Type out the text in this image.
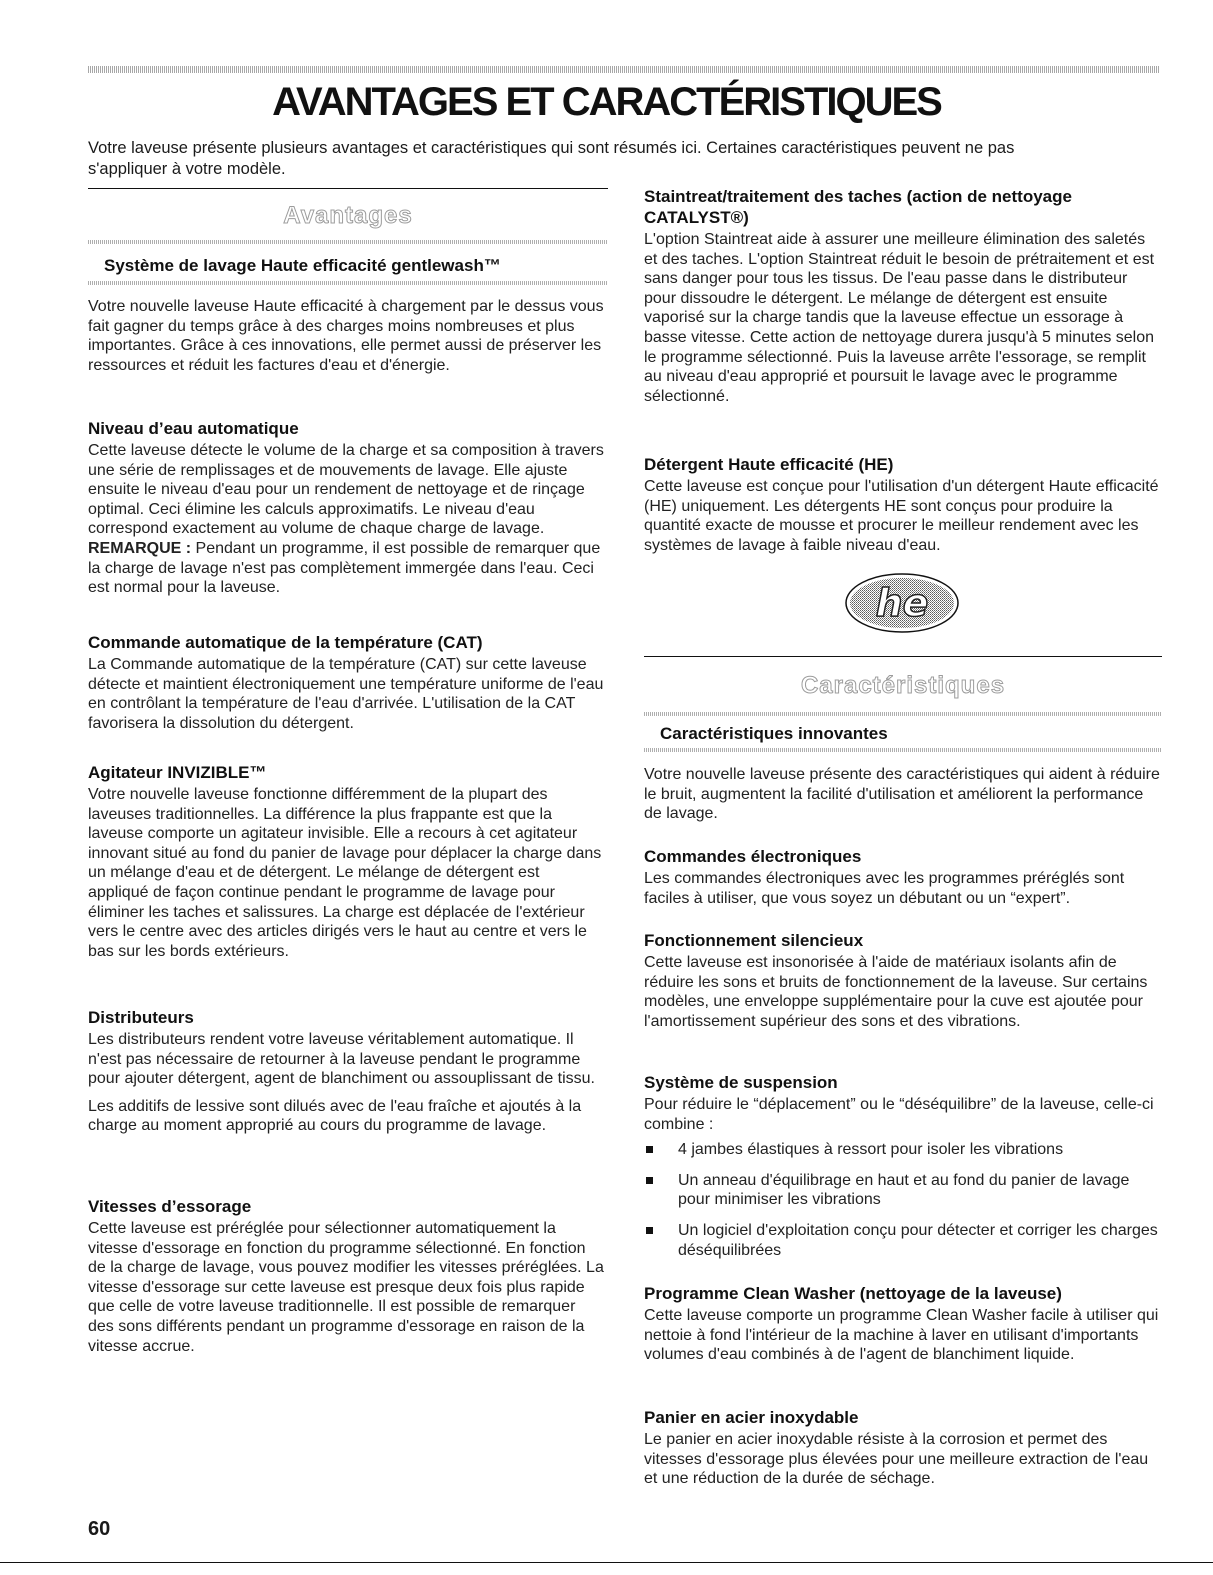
AVANTAGES ET CARACTÉRISTIQUES

Votre laveuse présente plusieurs avantages et caractéristiques qui sont résumés ici. Certaines caractéristiques peuvent ne pas s'appliquer à votre modèle.

Avantages
Système de lavage Haute efficacité gentlewash™

Votre nouvelle laveuse Haute efficacité à chargement par le dessus vous fait gagner du temps grâce à des charges moins nombreuses et plus importantes. Grâce à ces innovations, elle permet aussi de préserver les ressources et réduit les factures d'eau et d'énergie.

Niveau d’eau automatique

Cette laveuse détecte le volume de la charge et sa composition à travers une série de remplissages et de mouvements de lavage. Elle ajuste ensuite le niveau d'eau pour un rendement de nettoyage et de rinçage optimal. Ceci élimine les calculs approximatifs. Le niveau d'eau correspond exactement au volume de chaque charge de lavage.
REMARQUE : Pendant un programme, il est possible de remarquer que la charge de lavage n'est pas complètement immergée dans l'eau. Ceci est normal pour la laveuse.

Commande automatique de la température (CAT)

La Commande automatique de la température (CAT) sur cette laveuse détecte et maintient électroniquement une température uniforme de l'eau en contrôlant la température de l'eau d'arrivée. L'utilisation de la CAT favorisera la dissolution du détergent.

Agitateur INVIZIBLE™

Votre nouvelle laveuse fonctionne différemment de la plupart des laveuses traditionnelles. La différence la plus frappante est que la laveuse comporte un agitateur invisible. Elle a recours à cet agitateur innovant situé au fond du panier de lavage pour déplacer la charge dans un mélange d'eau et de détergent. Le mélange de détergent est appliqué de façon continue pendant le programme de lavage pour éliminer les taches et salissures. La charge est déplacée de l'extérieur vers le centre avec des articles dirigés vers le haut au centre et vers le bas sur les bords extérieurs.

Distributeurs

Les distributeurs rendent votre laveuse véritablement automatique. Il n'est pas nécessaire de retourner à la laveuse pendant le programme pour ajouter détergent, agent de blanchiment ou assouplissant de tissu.

Les additifs de lessive sont dilués avec de l'eau fraîche et ajoutés à la charge au moment approprié au cours du programme de lavage.

Vitesses d’essorage

Cette laveuse est préréglée pour sélectionner automatiquement la vitesse d'essorage en fonction du programme sélectionné. En fonction de la charge de lavage, vous pouvez modifier les vitesses préréglées. La vitesse d'essorage sur cette laveuse est presque deux fois plus rapide que celle de votre laveuse traditionnelle. Il est possible de remarquer des sons différents pendant un programme d'essorage en raison de la vitesse accrue.

Staintreat/traitement des taches (action de nettoyage CATALYST®)

L'option Staintreat aide à assurer une meilleure élimination des saletés et des taches. L'option Staintreat réduit le besoin de prétraitement et est sans danger pour tous les tissus. De l'eau passe dans le distributeur pour dissoudre le détergent. Le mélange de détergent est ensuite vaporisé sur la charge tandis que la laveuse effectue un essorage à basse vitesse. Cette action de nettoyage durera jusqu'à 5 minutes selon le programme sélectionné. Puis la laveuse arrête l'essorage, se remplit au niveau d'eau approprié et poursuit le lavage avec le programme sélectionné.

Détergent Haute efficacité (HE)

Cette laveuse est conçue pour l'utilisation d'un détergent Haute efficacité (HE) uniquement. Les détergents HE sont conçus pour produire la quantité exacte de mousse et procurer le meilleur rendement avec les systèmes de lavage à faible niveau d'eau.

he
Caractéristiques
Caractéristiques innovantes

Votre nouvelle laveuse présente des caractéristiques qui aident à réduire le bruit, augmentent la facilité d'utilisation et améliorent la performance de lavage.

Commandes électroniques

Les commandes électroniques avec les programmes préréglés sont faciles à utiliser, que vous soyez un débutant ou un “expert”.

Fonctionnement silencieux

Cette laveuse est insonorisée à l'aide de matériaux isolants afin de réduire les sons et bruits de fonctionnement de la laveuse. Sur certains modèles, une enveloppe supplémentaire pour la cuve est ajoutée pour l'amortissement supérieur des sons et des vibrations.

Système de suspension

Pour réduire le “déplacement” ou le “déséquilibre” de la laveuse, celle-ci combine :

4 jambes élastiques à ressort pour isoler les vibrations
Un anneau d'équilibrage en haut et au fond du panier de lavage pour minimiser les vibrations
Un logiciel d'exploitation conçu pour détecter et corriger les charges déséquilibrées
Programme Clean Washer (nettoyage de la laveuse)

Cette laveuse comporte un programme Clean Washer facile à utiliser qui nettoie à fond l'intérieur de la machine à laver en utilisant d'importants volumes d'eau combinés à de l'agent de blanchiment liquide.

Panier en acier inoxydable

Le panier en acier inoxydable résiste à la corrosion et permet des vitesses d'essorage plus élevées pour une meilleure extraction de l'eau et une réduction de la durée de séchage.

60
